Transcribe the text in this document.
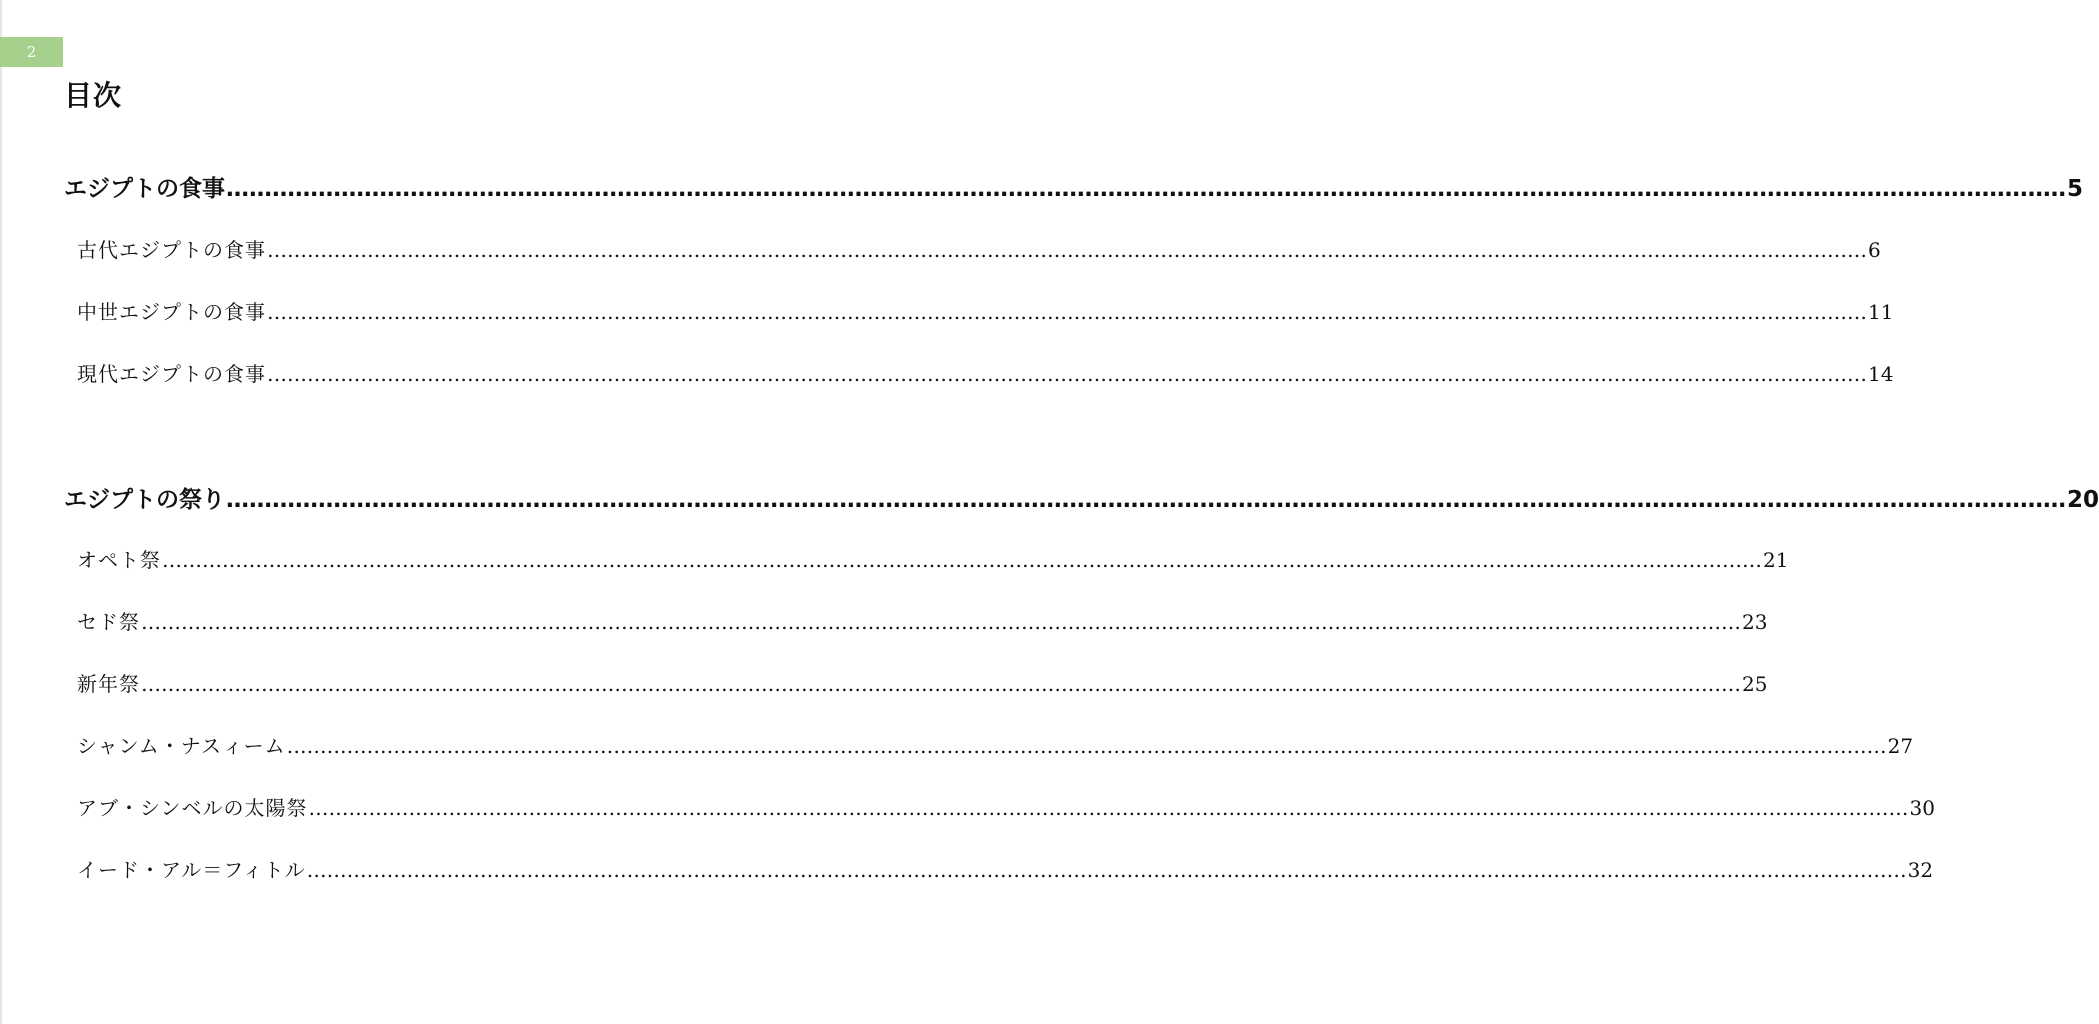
2
目次
エジプトの食事 …………………………………………………………………………………………………………………………………………………………………………………………………………………… 5
古代エジプトの食事 …………………………………………………………………………………………………………………………………………………………………………………………………………………… 6
中世エジプトの食事 …………………………………………………………………………………………………………………………………………………………………………………………………………………… 11
現代エジプトの食事 …………………………………………………………………………………………………………………………………………………………………………………………………………………… 14
エジプトの祭り …………………………………………………………………………………………………………………………………………………………………………………………………………………… 20
オペト祭 …………………………………………………………………………………………………………………………………………………………………………………………………………………… 21
セド祭 …………………………………………………………………………………………………………………………………………………………………………………………………………………… 23
新年祭 …………………………………………………………………………………………………………………………………………………………………………………………………………………… 25
シャンム・ナスィーム …………………………………………………………………………………………………………………………………………………………………………………………………………………… 27
アブ・シンベルの太陽祭 …………………………………………………………………………………………………………………………………………………………………………………………………………………… 30
イード・アル＝フィトル …………………………………………………………………………………………………………………………………………………………………………………………………………………… 32
